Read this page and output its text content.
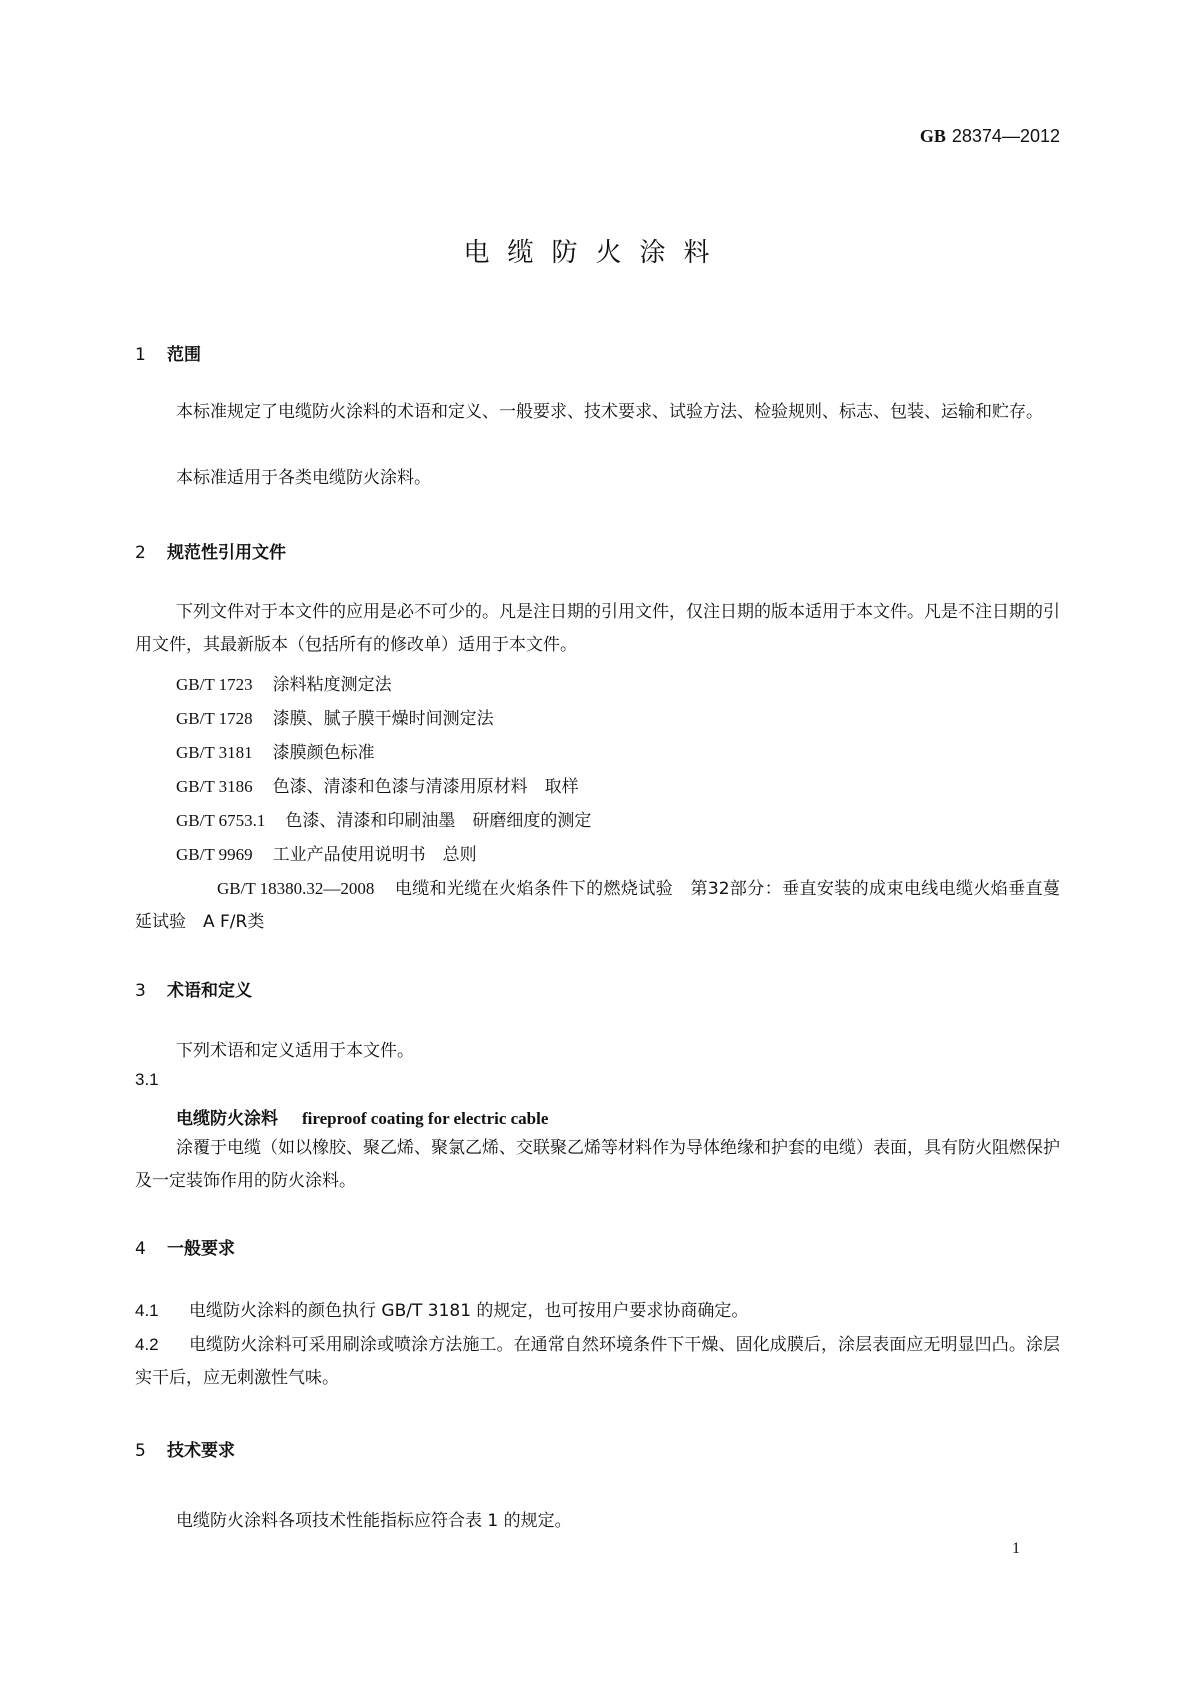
GB 28374—2012
电缆防火涂料
1 范围
本标准规定了电缆防火涂料的术语和定义、一般要求、技术要求、试验方法、检验规则、标志、包装、运输和贮存。
本标准适用于各类电缆防火涂料。
2 规范性引用文件
下列文件对于本文件的应用是必不可少的。凡是注日期的引用文件，仅注日期的版本适用于本文件。凡是不注日期的引用文件，其最新版本（包括所有的修改单）适用于本文件。
GB/T 1723 涂料粘度测定法
GB/T 1728 漆膜、腻子膜干燥时间测定法
GB/T 3181 漆膜颜色标准
GB/T 3186 色漆、清漆和色漆与清漆用原材料　取样
GB/T 6753.1 色漆、清漆和印刷油墨　研磨细度的测定
GB/T 9969 工业产品使用说明书　总则
GB/T 18380.32—2008 电缆和光缆在火焰条件下的燃烧试验　第32部分：垂直安装的成束电线电缆火焰垂直蔓延试验　A F/R类
3 术语和定义
下列术语和定义适用于本文件。
3.1
电缆防火涂料 fireproof coating for electric cable
涂覆于电缆（如以橡胶、聚乙烯、聚氯乙烯、交联聚乙烯等材料作为导体绝缘和护套的电缆）表面，具有防火阻燃保护及一定装饰作用的防火涂料。
4 一般要求
4.1 电缆防火涂料的颜色执行 GB/T 3181 的规定，也可按用户要求协商确定。
4.2 电缆防火涂料可采用刷涂或喷涂方法施工。在通常自然环境条件下干燥、固化成膜后，涂层表面应无明显凹凸。涂层实干后，应无刺激性气味。
5 技术要求
电缆防火涂料各项技术性能指标应符合表 1 的规定。
1
